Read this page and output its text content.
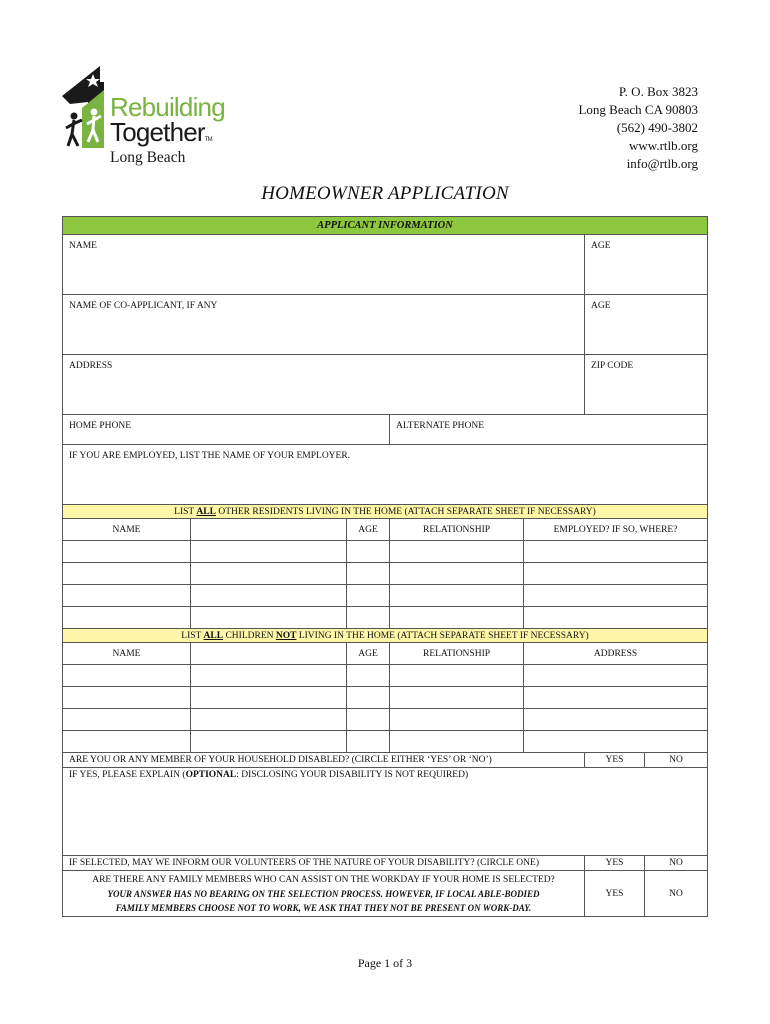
Rebuilding
TogetherTM
Long Beach
P. O. Box 3823
Long Beach CA 90803
(562) 490-3802
www.rtlb.org
info@rtlb.org
HOMEOWNER APPLICATION
APPLICANT INFORMATION						
NAME					AGE	
NAME OF CO-APPLICANT, IF ANY					AGE	
ADDRESS					ZIP CODE	
HOME PHONE			ALTERNATE PHONE			
IF YOU ARE EMPLOYED, LIST THE NAME OF YOUR EMPLOYER.						
LIST ALL OTHER RESIDENTS LIVING IN THE HOME (ATTACH SEPARATE SHEET IF NECESSARY)						
NAME		AGE	RELATIONSHIP	EMPLOYED? IF SO, WHERE?		

LIST ALL CHILDREN NOT LIVING IN THE HOME (ATTACH SEPARATE SHEET IF NECESSARY)						
NAME		AGE	RELATIONSHIP	ADDRESS		

ARE YOU OR ANY MEMBER OF YOUR HOUSEHOLD DISABLED? (CIRCLE EITHER ‘YES’ OR ‘NO’)					YES	NO
IF YES, PLEASE EXPLAIN (OPTIONAL: DISCLOSING YOUR DISABILITY IS NOT REQUIRED)						
IF SELECTED, MAY WE INFORM OUR VOLUNTEERS OF THE NATURE OF YOUR DISABILITY? (CIRCLE ONE)					YES	NO

ARE THERE ANY FAMILY MEMBERS WHO CAN ASSIST ON THE WORKDAY IF YOUR HOME IS SELECTED?
YOUR ANSWER HAS NO BEARING ON THE SELECTION PROCESS. HOWEVER, IF LOCAL ABLE-BODIED
FAMILY MEMBERS CHOOSE NOT TO WORK, WE ASK THAT THEY NOT BE PRESENT ON WORK-DAY.					YES	NO
Page 1 of 3
